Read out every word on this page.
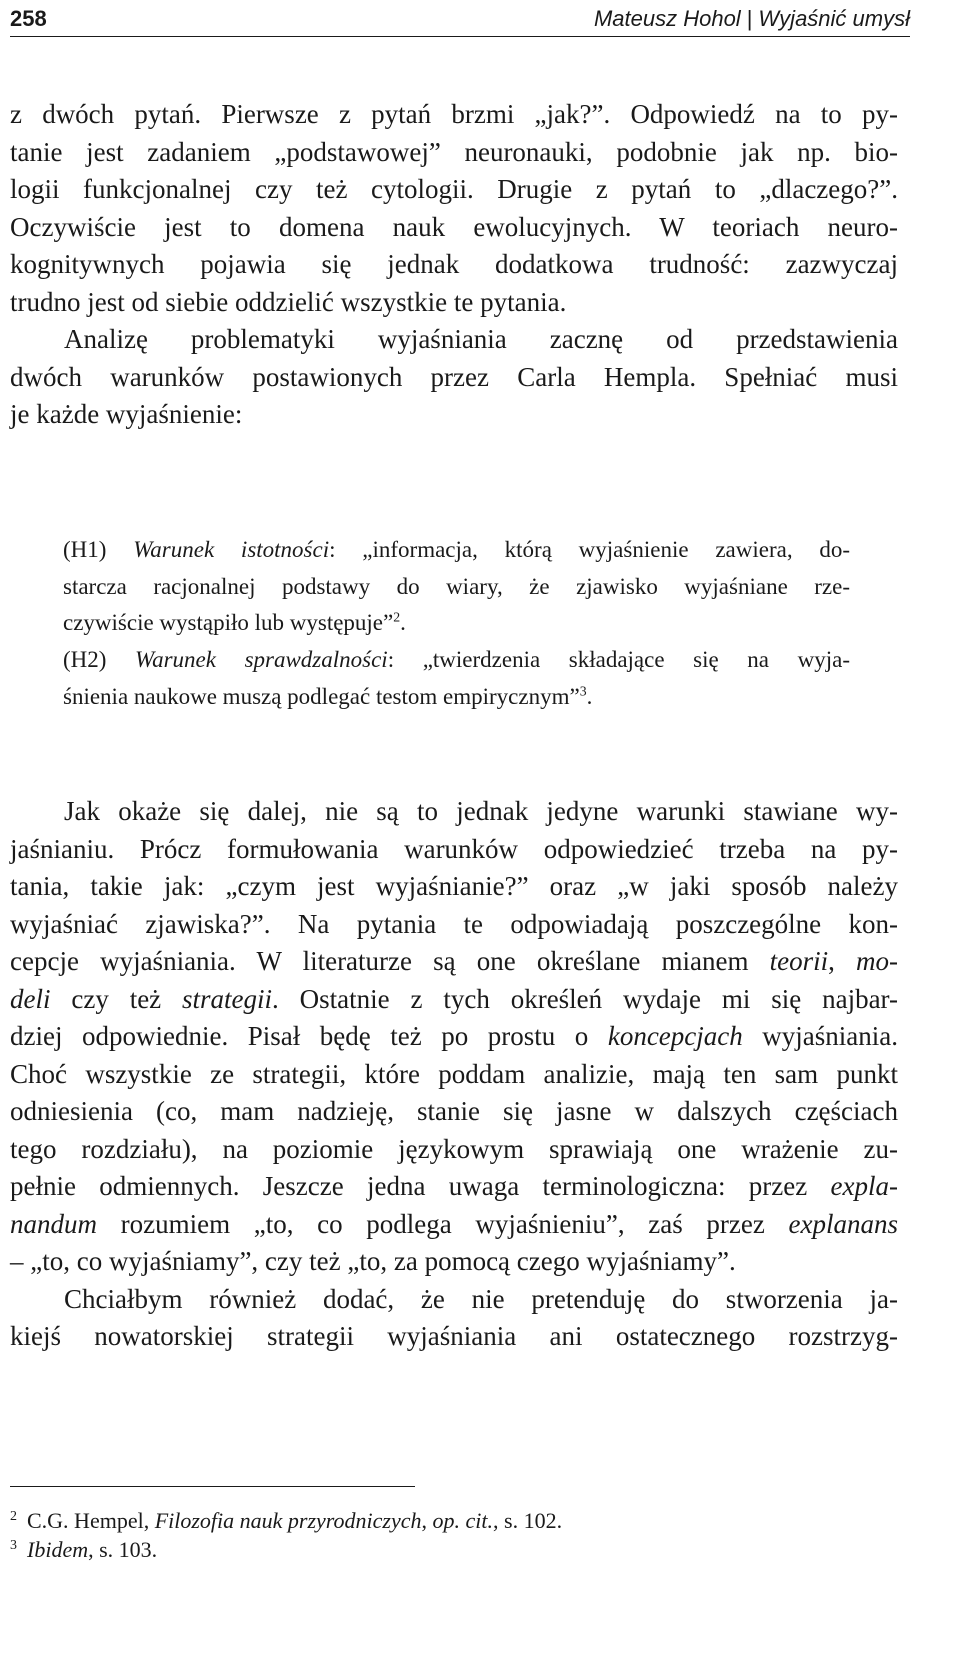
258	Mateusz Hohol | Wyjaśnić umysł
z dwóch pytań. Pierwsze z pytań brzmi „jak?”. Odpowiedź na to py-
tanie jest zadaniem „podstawowej” neuronauki, podobnie jak np. bio-
logii funkcjonalnej czy też cytologii. Drugie z pytań to „dlaczego?”.
Oczywiście jest to domena nauk ewolucyjnych. W teoriach neuro-
kognitywnych pojawia się jednak dodatkowa trudność: zazwyczaj
trudno jest od siebie oddzielić wszystkie te pytania.
Analizę problematyki wyjaśniania zacznę od przedstawienia
dwóch warunków postawionych przez Carla Hempla. Spełniać musi
je każde wyjaśnienie:
(H1) Warunek istotności: „informacja, którą wyjaśnienie zawiera, do-
starcza racjonalnej podstawy do wiary, że zjawisko wyjaśniane rze-
czywiście wystąpiło lub występuje”$^2$.
(H2) Warunek sprawdzalności: „twierdzenia składające się na wyja-
śnienia naukowe muszą podlegać testom empirycznym”$^3$.
Jak okaże się dalej, nie są to jednak jedyne warunki stawiane wy-
jaśnianiu. Prócz formułowania warunków odpowiedzieć trzeba na py-
tania, takie jak: „czym jest wyjaśnianie?” oraz „w jaki sposób należy
wyjaśniać zjawiska?”. Na pytania te odpowiadają poszczególne kon-
cepcje wyjaśniania. W literaturze są one określane mianem teorii, mo-
deli czy też strategii. Ostatnie z tych określeń wydaje mi się najbar-
dziej odpowiednie. Pisał będę też po prostu o koncepcjach wyjaśniania.
Choć wszystkie ze strategii, które poddam analizie, mają ten sam punkt
odniesienia (co, mam nadzieję, stanie się jasne w dalszych częściach
tego rozdziału), na poziomie językowym sprawiają one wrażenie zu-
pełnie odmiennych. Jeszcze jedna uwaga terminologiczna: przez expla-
nandum rozumiem „to, co podlega wyjaśnieniu”, zaś przez explanans
– „to, co wyjaśniamy”, czy też „to, za pomocą czego wyjaśniamy”.
Chciałbym również dodać, że nie pretenduję do stworzenia ja-
kiejś nowatorskiej strategii wyjaśniania ani ostatecznego rozstrzyg-
$^2$ C.G. Hempel, Filozofia nauk przyrodniczych, op. cit., s. 102.
$^3$ Ibidem, s. 103.
